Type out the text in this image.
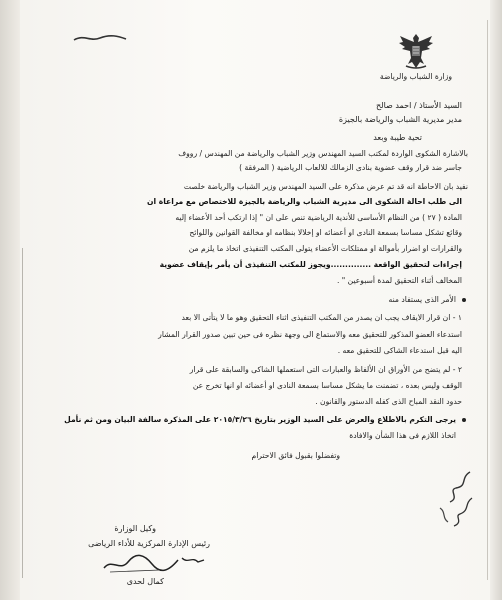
وزارة الشباب والرياضة
السيد الأستاذ / احمد صالح
مدير مديرية الشباب والرياضة بالجيزة
تحية طيبة وبعد
بالاشارة الشكوى الواردة لمكتب السيد المهندس وزير الشباب والرياضة من المهندس / رووف
جاسر ضد قرار وقف عضوية بنادى الزمالك للالعاب الرياضية ( المرفقة )
نفيد بان الاحاطة انه قد تم عرض مذكرة على السيد المهندس وزير الشباب والرياضة خلصت
الى طلب احالة الشكوى الى مديرية الشباب والرياضة بالجيزة للاختصاص مع مراعاة ان
المادة ( ٢٧ ) من النظام الأساسى للأندية الرياضية تنص على ان " إذا ارتكب أحد الأعضاء إليه
وقائع تشكل مساسا بسمعة النادى او أعضائه او إخلالا بنظامه او مخالفة القوانين واللوائح
والقرارات او اضرار بأموالة او ممتلكات الأعضاء يتولى المكتب التنفيذى اتخاذ ما يلزم من
إجراءات لتحقيق الواقعة ..............ويجوز للمكتب التنفيذى أن يأمر بإيقاف عضوية
المخالف أثناء التحقيق لمدة أسبوعين " .
الأمر الذى يستفاد منه
١ - ان قرار الايقاف يجب ان يصدر من المكتب التنفيذى اثناء التحقيق وهو ما لا يتأتى الا بعد
استدعاء العضو المذكور للتحقيق معه والاستماع الى وجهة نظره فى حين تبين صدور القرار المشار
اليه قبل استدعاء الشاكى للتحقيق معه .
٢ - لم يتضح من الأوراق ان الألفاظ والعبارات التى استعملها الشاكى والسابقة على قرار
الوقف وليس بعده ، تضمنت ما يشكل مساسا بسمعة النادى او أعضائه او انها تخرج عن
حدود النقد المباح الذى كفله الدستور والقانون .
يرجى التكرم بالاطلاع والعرض على السيد الوزير بتاريخ ٢٠١٥/٣/٢٦ على المذكرة سالفة البيان ومن ثم نأمل
اتخاذ اللازم فى هذا الشأن والافادة
وتفضلوا بقبول فائق الاحترام
وكيل الوزارة
رئيس الإدارة المركزية للأداء الرياضى
كمال لحدى
